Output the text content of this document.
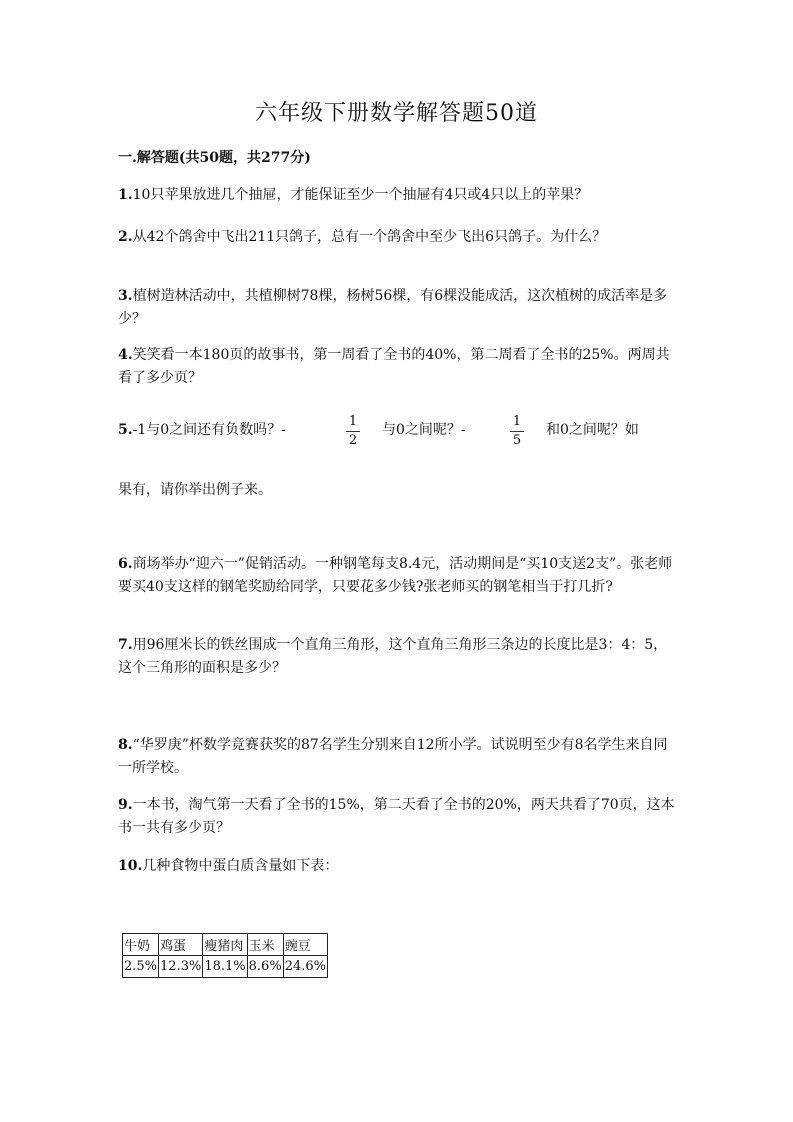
六年级下册数学解答题50道
一.解答题(共50题，共277分)
1.10只苹果放进几个抽屉，才能保证至少一个抽屉有4只或4只以上的苹果？
2.从42个鸽舍中飞出211只鸽子，总有一个鸽舍中至少飞出6只鸽子。为什么？
3.植树造林活动中，共植柳树78棵，杨树56棵，有6棵没能成活，这次植树的成活率是多少？
4.笑笑看一本180页的故事书，第一周看了全书的40%，第二周看了全书的25%。两周共看了多少页？
5.-1与0之间还有负数吗？-
1
2
与0之间呢？-
1
5
和0之间呢？如
果有，请你举出例子来。
6.商场举办“迎六一”促销活动。一种钢笔每支8.4元，活动期间是“买10支送2支”。张老师要买40支这样的钢笔奖励给同学，只要花多少钱?张老师买的钢笔相当于打几折?
7.用96厘米长的铁丝围成一个直角三角形，这个直角三角形三条边的长度比是3：4：5，这个三角形的面积是多少？
8.“华罗庚”杯数学竞赛获奖的87名学生分别来自12所小学。试说明至少有8名学生来自同一所学校。
9.一本书，淘气第一天看了全书的15%，第二天看了全书的20%，两天共看了70页，这本书一共有多少页？
10.几种食物中蛋白质含量如下表：
牛奶	鸡蛋	瘦猪肉	玉米	豌豆
2.5%	12.3%	18.1%	8.6%	24.6%
